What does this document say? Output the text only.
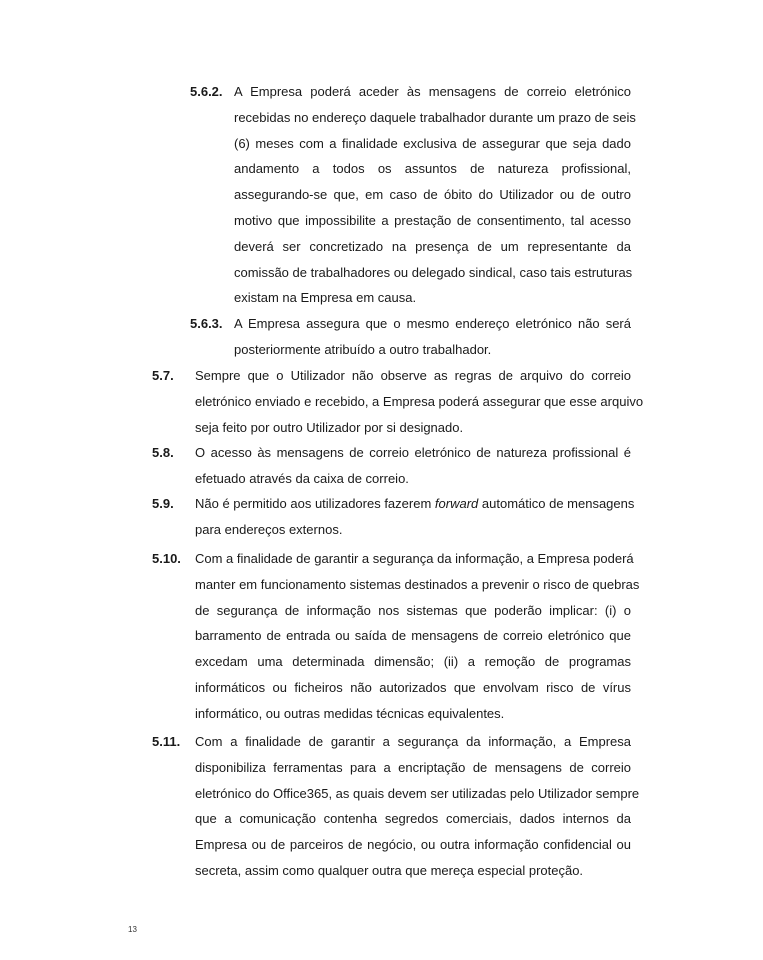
5.6.2. A Empresa poderá aceder às mensagens de correio eletrónico
recebidas no endereço daquele trabalhador durante um prazo de seis
(6) meses com a finalidade exclusiva de assegurar que seja dado
andamento a todos os assuntos de natureza profissional,
assegurando-se que, em caso de óbito do Utilizador ou de outro
motivo que impossibilite a prestação de consentimento, tal acesso
deverá ser concretizado na presença de um representante da
comissão de trabalhadores ou delegado sindical, caso tais estruturas
existam na Empresa em causa.
5.6.3. A Empresa assegura que o mesmo endereço eletrónico não será
posteriormente atribuído a outro trabalhador.
5.7. Sempre que o Utilizador não observe as regras de arquivo do correio
eletrónico enviado e recebido, a Empresa poderá assegurar que esse arquivo
seja feito por outro Utilizador por si designado.
5.8. O acesso às mensagens de correio eletrónico de natureza profissional é
efetuado através da caixa de correio.
5.9. Não é permitido aos utilizadores fazerem forward automático de mensagens
para endereços externos.
5.10. Com a finalidade de garantir a segurança da informação, a Empresa poderá
manter em funcionamento sistemas destinados a prevenir o risco de quebras
de segurança de informação nos sistemas que poderão implicar: (i) o
barramento de entrada ou saída de mensagens de correio eletrónico que
excedam uma determinada dimensão; (ii) a remoção de programas
informáticos ou ficheiros não autorizados que envolvam risco de vírus
informático, ou outras medidas técnicas equivalentes.
5.11. Com a finalidade de garantir a segurança da informação, a Empresa
disponibiliza ferramentas para a encriptação de mensagens de correio
eletrónico do Office365, as quais devem ser utilizadas pelo Utilizador sempre
que a comunicação contenha segredos comerciais, dados internos da
Empresa ou de parceiros de negócio, ou outra informação confidencial ou
secreta, assim como qualquer outra que mereça especial proteção.
13
